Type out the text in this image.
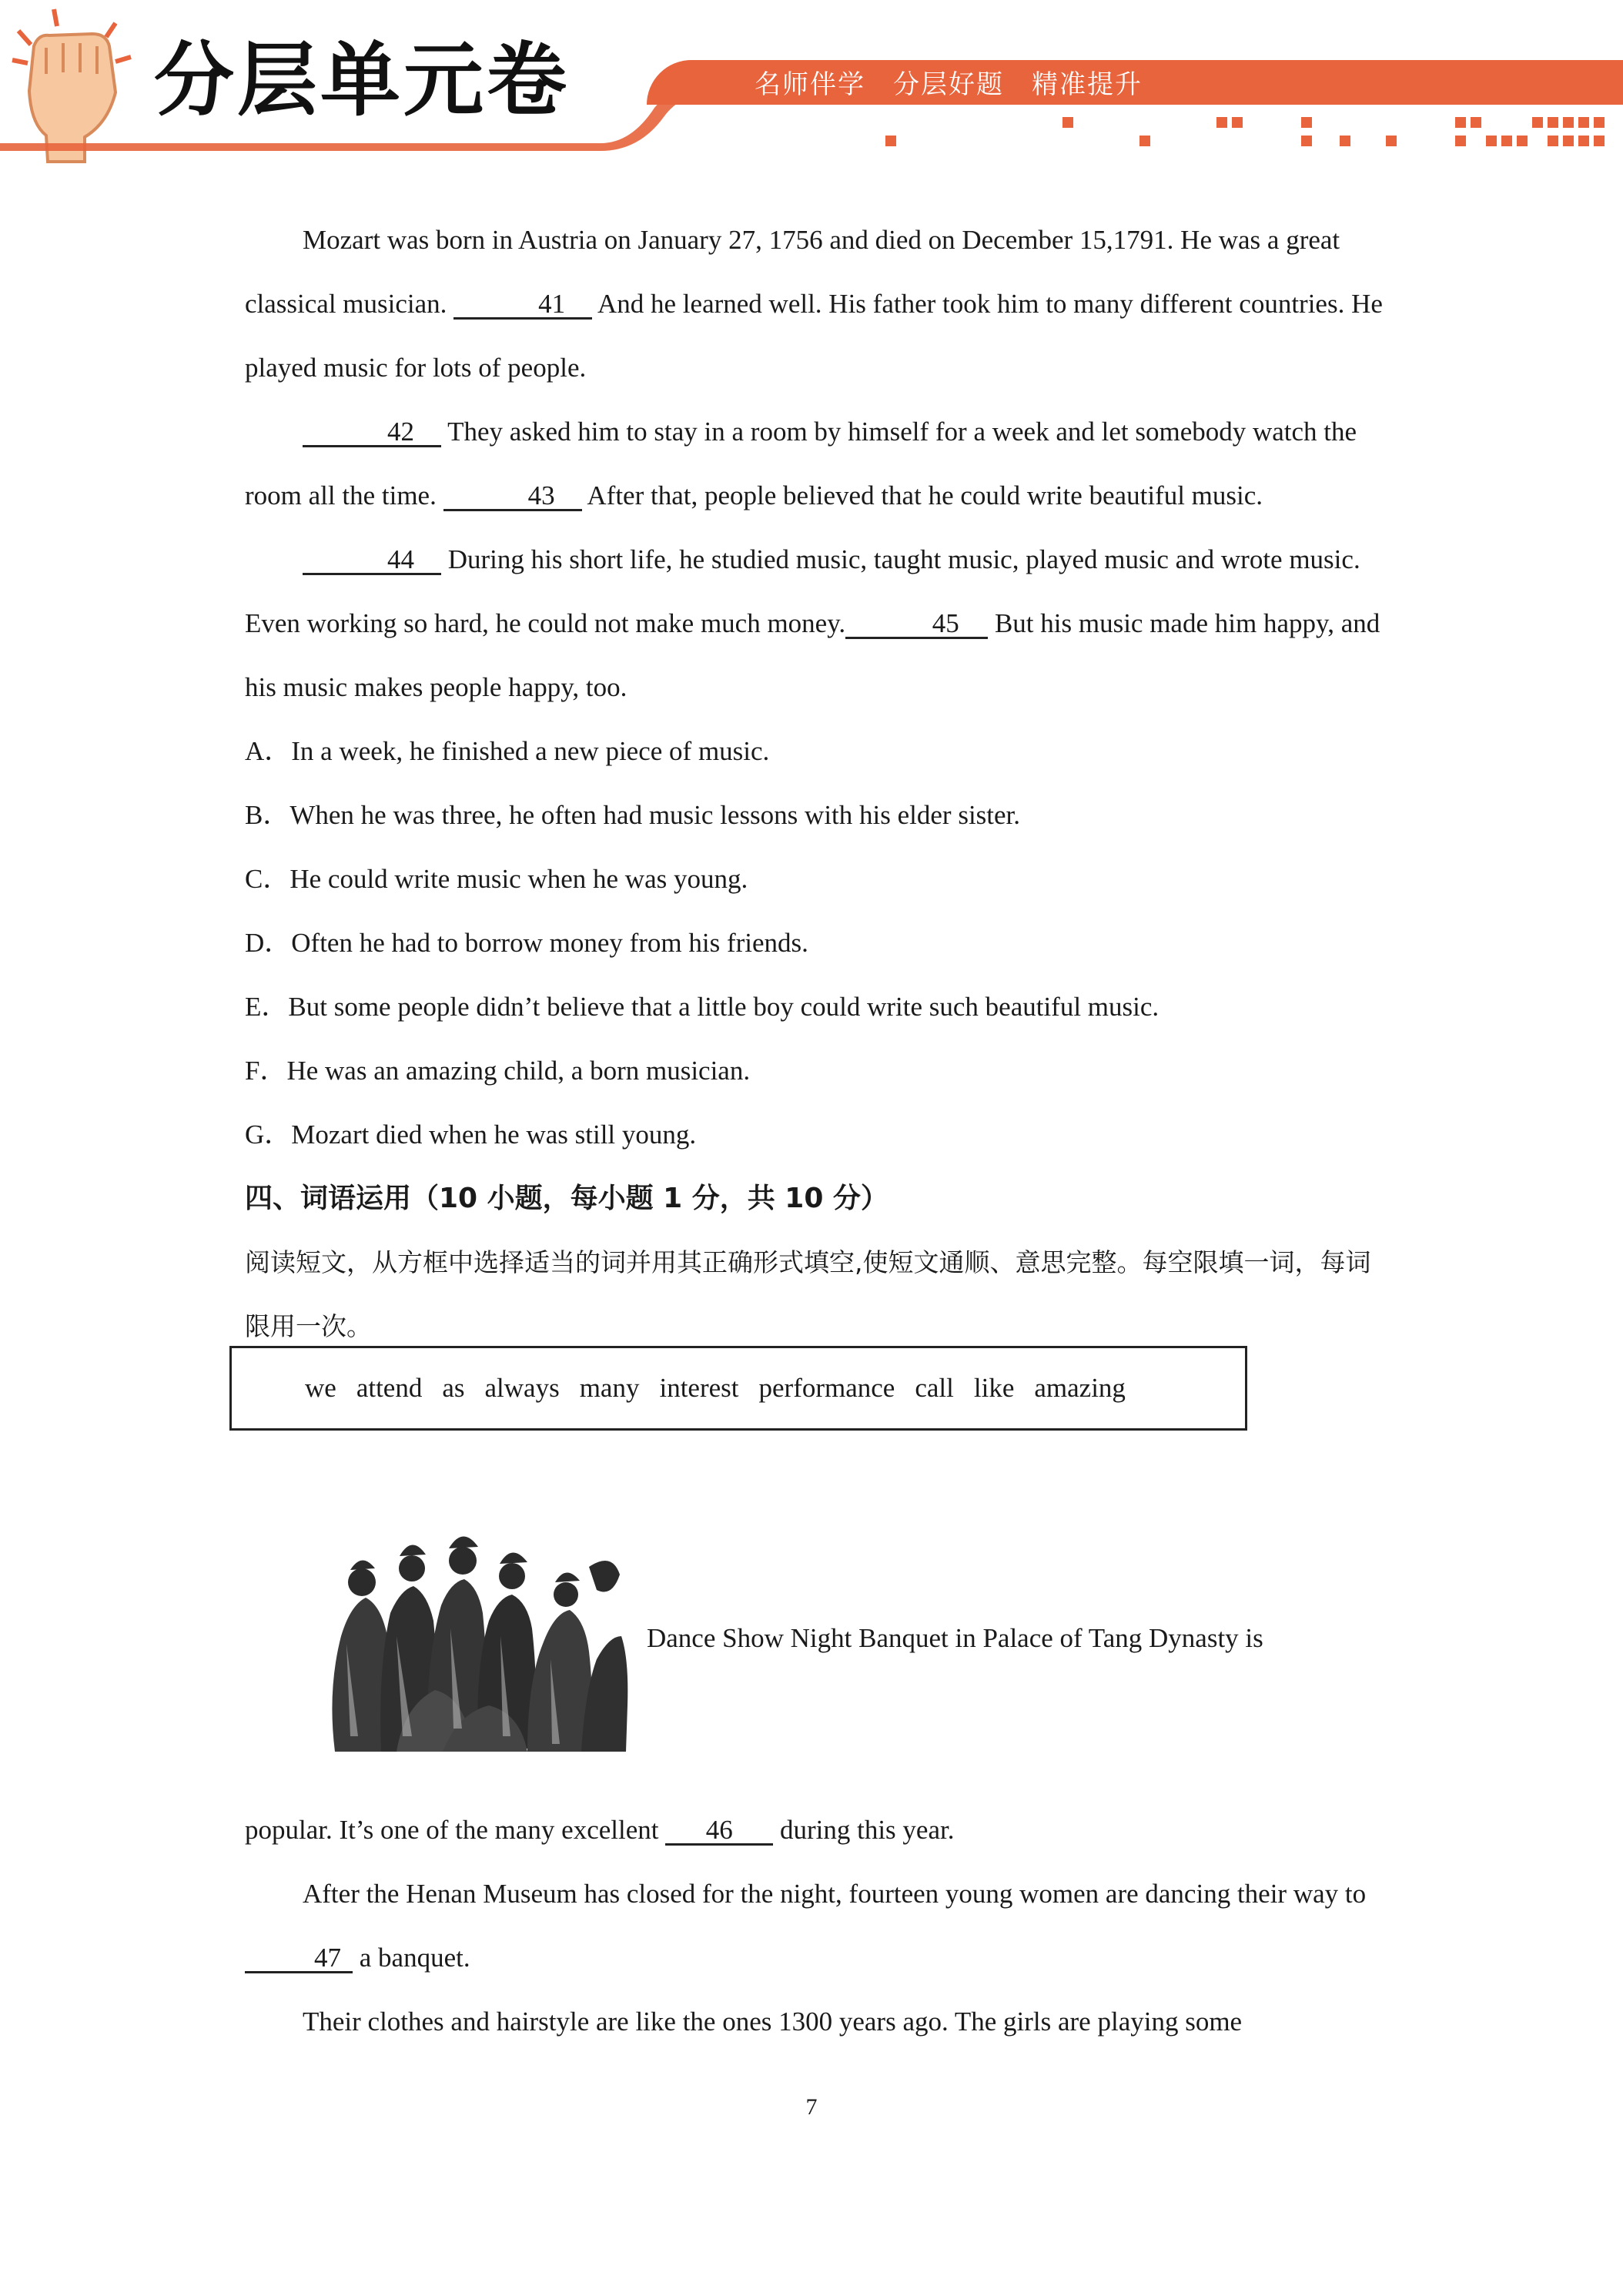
分层单元卷	名师伴学　分层好题　精准提升

Mozart was born in Austria on January 27, 1756 and died on December 15,1791. He was a great classical musician.	41 And he learned well. His father took him to many different countries. He played music for lots of people.

42 They asked him to stay in a room by himself for a week and let somebody watch the room all the time.	43 After that, people believed that he could write beautiful music.

44 During his short life, he studied music, taught music, played music and wrote music. Even working so hard, he could not make much money.	45 But his music made him happy, and his music makes people happy, too.

A．In a week, he finished a new piece of music.

B．When he was three, he often had music lessons with his elder sister.

C．He could write music when he was young.

D．Often he had to borrow money from his friends.

E．But some people didn’t believe that a little boy could write such beautiful music.

F．He was an amazing child, a born musician.

G．Mozart died when he was still young.

四、词语运用（10 小题，每小题 1 分，共 10 分）

阅读短文，从方框中选择适当的词并用其正确形式填空,使短文通顺、意思完整。每空限填一词，每词限用一次。

we attend as always many interest performance call like amazing
Dance Show Night Banquet in Palace of Tang Dynasty is

popular. It’s one of the many excellent 46 during this year.

After the Henan Museum has closed for the night, fourteen young women are dancing their way to 47 a banquet.

Their clothes and hairstyle are like the ones 1300 years ago. The girls are playing some

7
